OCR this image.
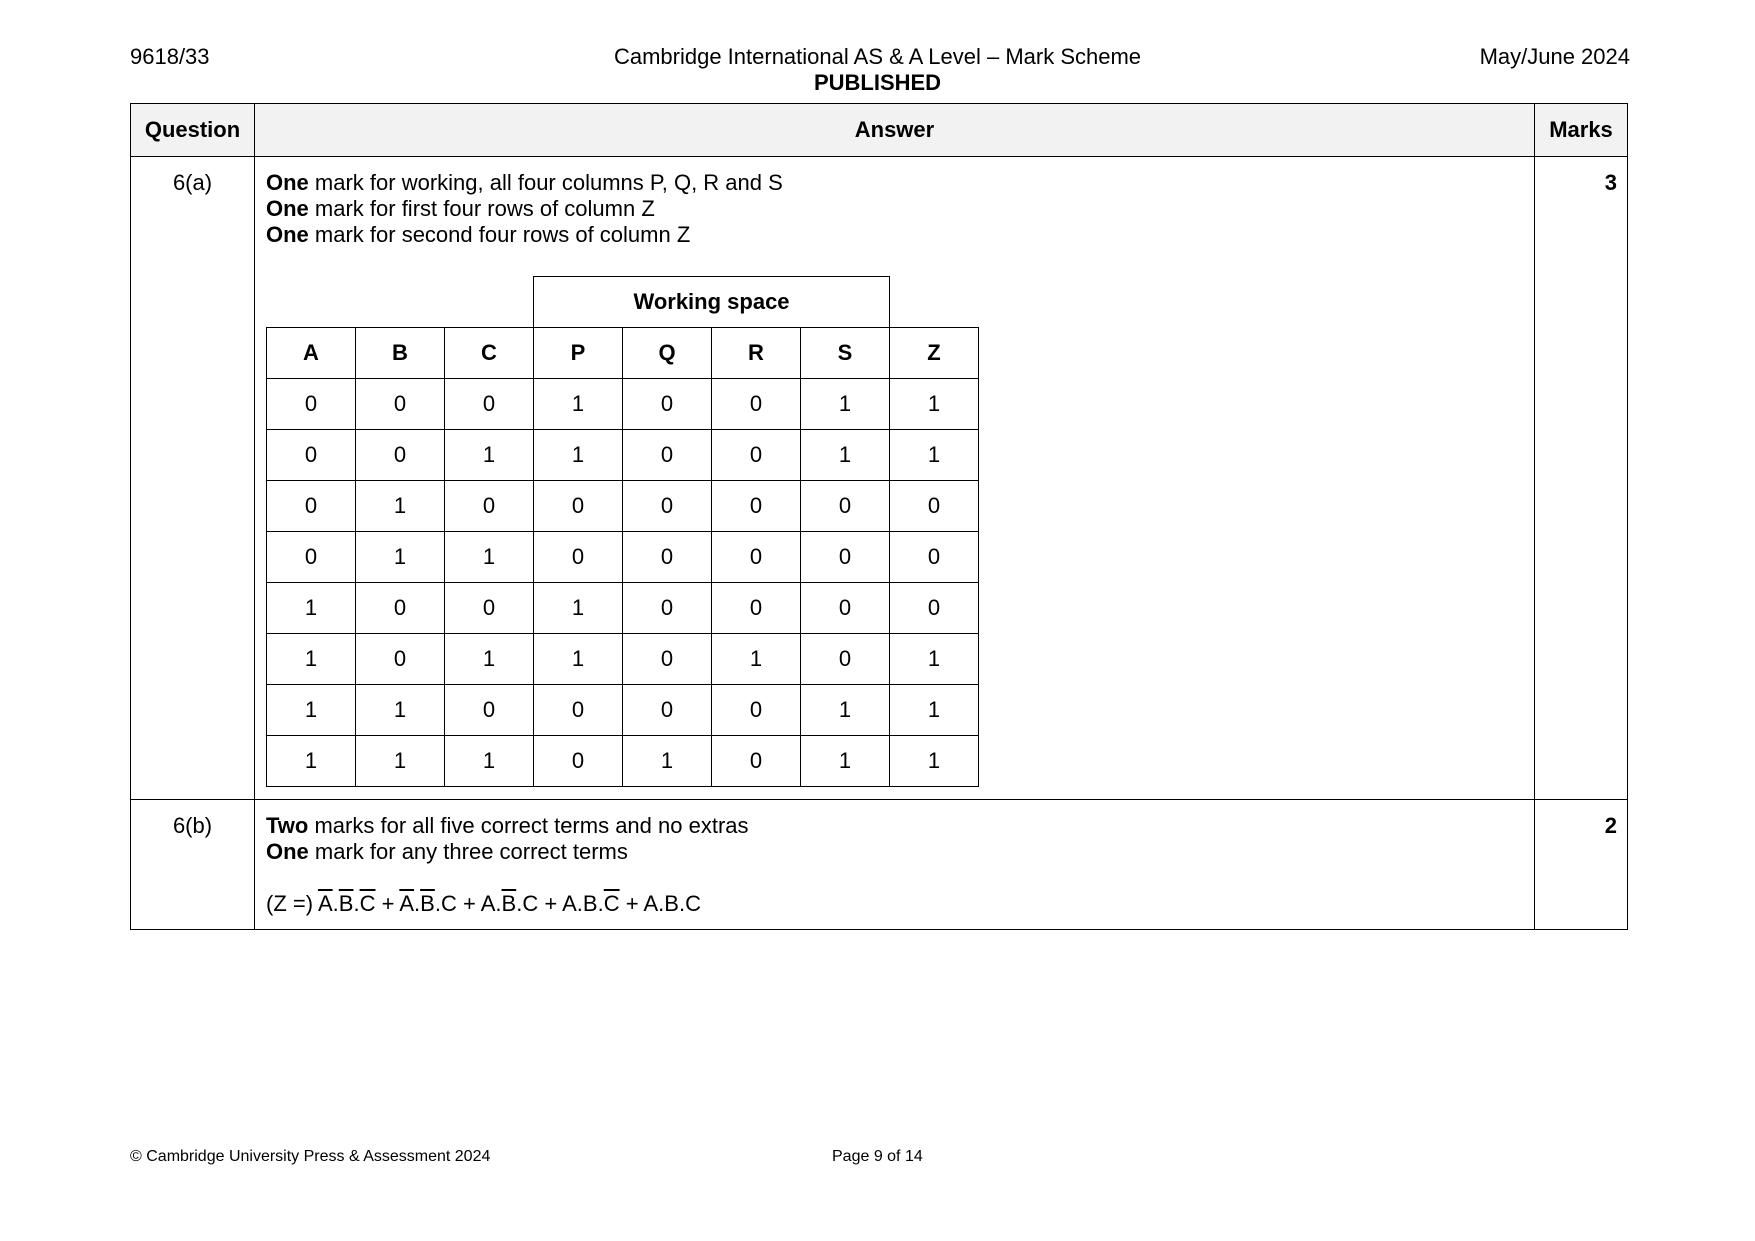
9618/33	Cambridge International AS & A Level – Mark Scheme
PUBLISHED
May/June 2024
Question	Answer	Marks
6(a)	One mark for working, all four columns P, Q, R and S
One mark for first four rows of column Z
One mark for second four rows of column Z
			Working space	
A	B	C	P	Q	R	S	Z
0	0	0	1	0	0	1	1
0	0	1	1	0	0	1	1
0	1	0	0	0	0	0	0
0	1	1	0	0	0	0	0
1	0	0	1	0	0	0	0
1	0	1	1	0	1	0	1
1	1	0	0	0	0	1	1
1	1	1	0	1	0	1	1
	3
6(b)	Two marks for all five correct terms and no extras
One mark for any three correct terms
(Z =) $\overline{A}.\overline{B}.\overline{C} + \overline{A}.\overline{B}.C + A.\overline{B}.C + A.B.\overline{C} + A.B.C$
	2
© Cambridge University Press & Assessment 2024	Page 9 of 14
